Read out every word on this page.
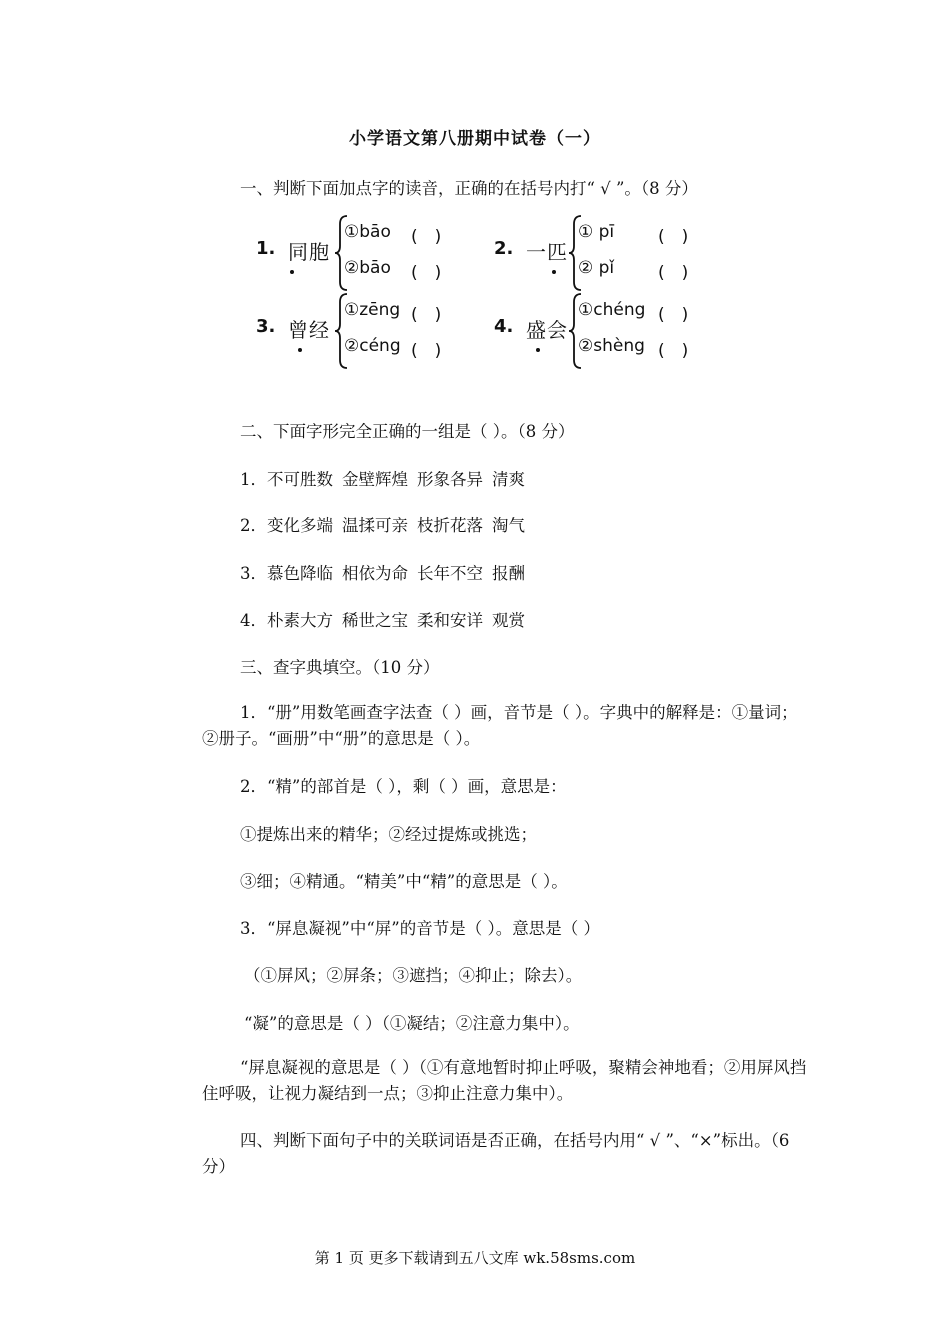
小学语文第八册期中试卷（一）
一、判断下面加点字的读音，正确的在括号内打“ √ ”。（8 分）
1. 同胞
①bāo
②bāo
(　)
(　)
2. 一匹
① pī
② pǐ
(　)
(　)
3. 曾经
①zēng
②céng
(　)
(　)
4. 盛会
①chéng
②shèng
(　)
(　)
二、下面字形完全正确的一组是（ ）。（8 分）
1．不可胜数 金壁辉煌 形象各异 清爽
2．变化多端 温揉可亲 枝折花落 淘气
3．慕色降临 相依为命 长年不空 报酬
4．朴素大方 稀世之宝 柔和安详 观赏
三、查字典填空。（10 分）
1．“册”用数笔画查字法查（ ）画，音节是（ ）。字典中的解释是：①量词；②册子。“画册”中“册”的意思是（ ）。
2．“精”的部首是（ ），剩（ ）画，意思是：
①提炼出来的精华；②经过提炼或挑选；
③细；④精通。“精美”中“精”的意思是（ ）。
3．“屏息凝视”中“屏”的音节是（ ）。意思是（ ）
（①屏风；②屏条；③遮挡；④抑止；除去）。
“凝”的意思是（ ）（①凝结；②注意力集中）。
“屏息凝视的意思是（ ）（①有意地暂时抑止呼吸，聚精会神地看；②用屏风挡住呼吸，让视力凝结到一点；③抑止注意力集中）。
四、判断下面句子中的关联词语是否正确，在括号内用“ √ ”、“×”标出。（6 分）
第 1 页 更多下载请到五八文库 wk.58sms.com
